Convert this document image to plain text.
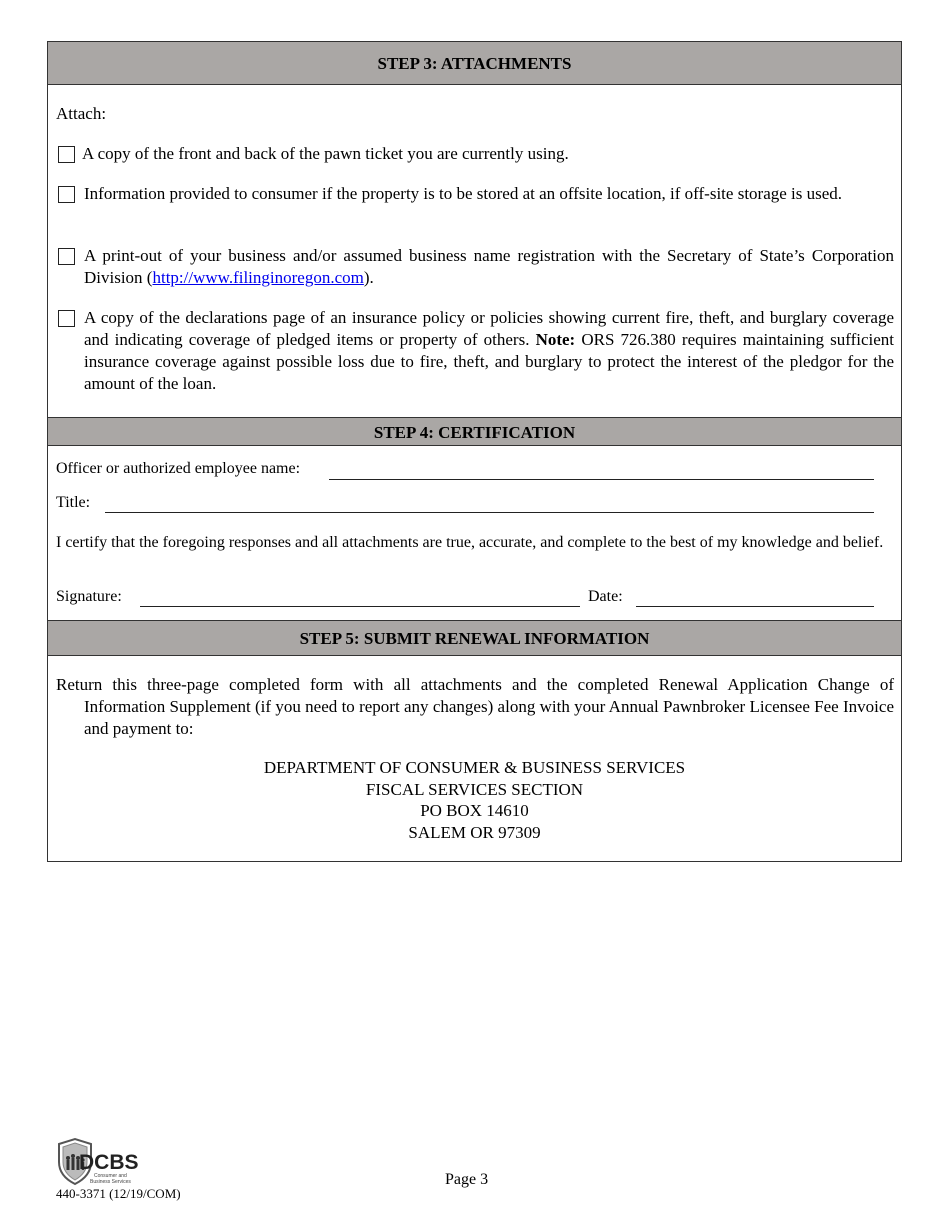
STEP 3: ATTACHMENTS
Attach:
A copy of the front and back of the pawn ticket you are currently using.
Information provided to consumer if the property is to be stored at an offsite location, if off-site storage is used.
A print-out of your business and/or assumed business name registration with the Secretary of State’s Corporation Division (http://www.filinginoregon.com).
A copy of the declarations page of an insurance policy or policies showing current fire, theft, and burglary coverage and indicating coverage of pledged items or property of others. Note: ORS 726.380 requires maintaining sufficient insurance coverage against possible loss due to fire, theft, and burglary to protect the interest of the pledgor for the amount of the loan.
STEP 4: CERTIFICATION
Officer or authorized employee name:
Title:
I certify that the foregoing responses and all attachments are true, accurate, and complete to the best of my knowledge and belief.
Signature:	Date:
STEP 5: SUBMIT RENEWAL INFORMATION
Return this three-page completed form with all attachments and the completed Renewal Application Change of Information Supplement (if you need to report any changes) along with your Annual Pawnbroker Licensee Fee Invoice and payment to:
DEPARTMENT OF CONSUMER & BUSINESS SERVICES
FISCAL SERVICES SECTION
PO BOX 14610
SALEM OR 97309
DCBS
Consumer and
Business Services
440-3371 (12/19/COM)
Page 3
